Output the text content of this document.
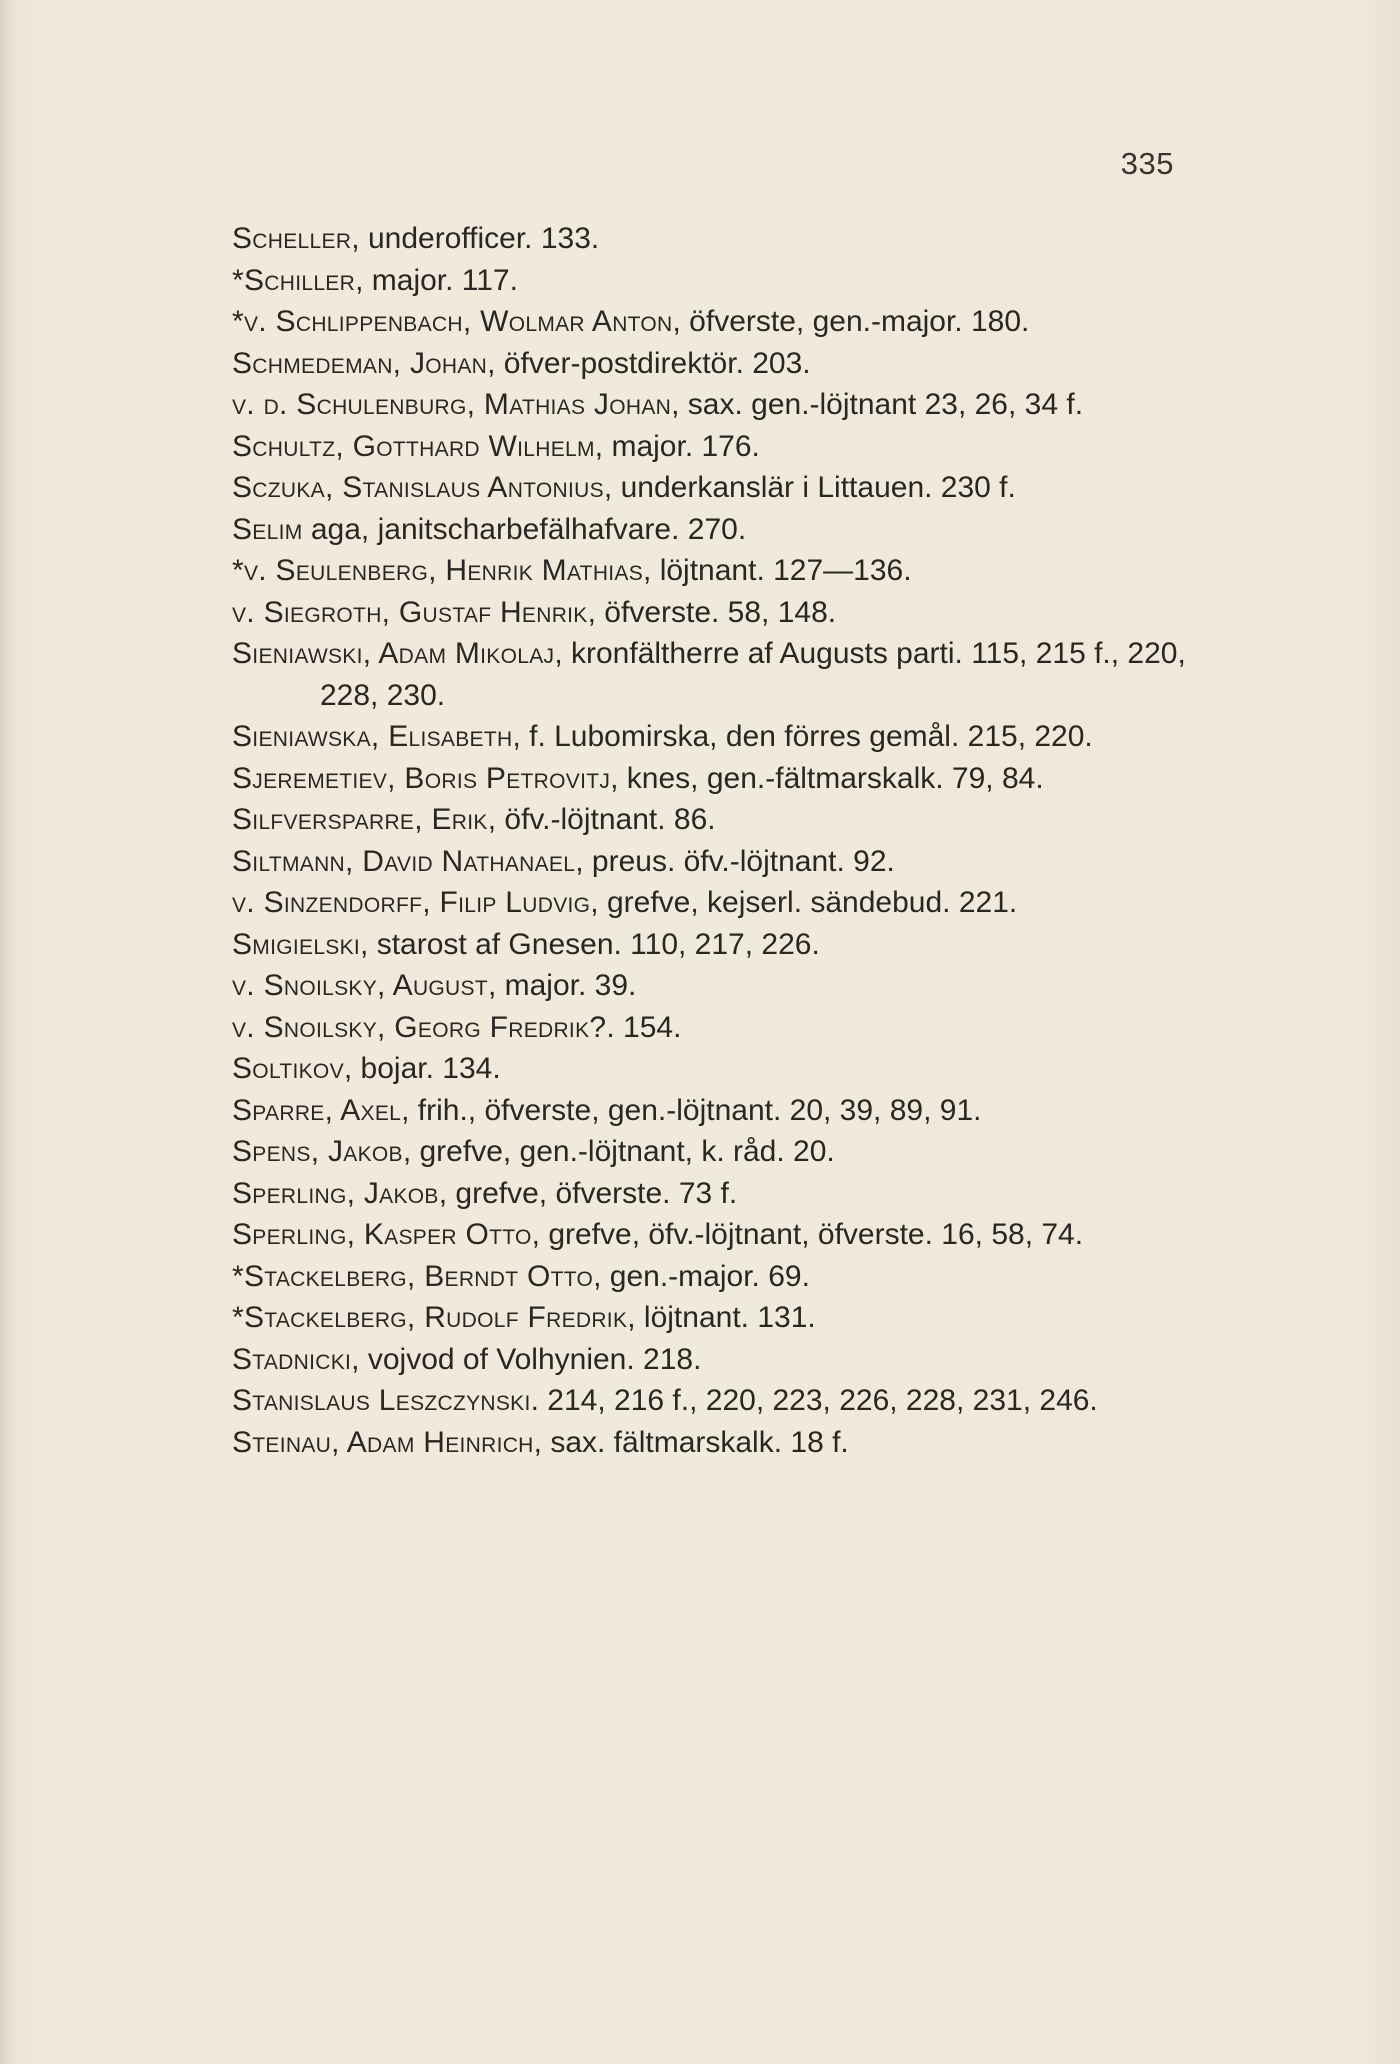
335
Scheller, underofficer. 133.
*Schiller, major. 117.
*v. Schlippenbach, Wolmar Anton, öfverste, gen.-major. 180.
Schmedeman, Johan, öfver-postdirektör. 203.
v. d. Schulenburg, Mathias Johan, sax. gen.-löjtnant 23, 26, 34 f.
Schultz, Gotthard Wilhelm, major. 176.
Sczuka, Stanislaus Antonius, underkanslär i Littauen. 230 f.
Selim aga, janitscharbefälhafvare. 270.
*v. Seulenberg, Henrik Mathias, löjtnant. 127—136.
v. Siegroth, Gustaf Henrik, öfverste. 58, 148.
Sieniawski, Adam Mikolaj, kronfältherre af Augusts parti. 115, 215 f., 220, 228, 230.
Sieniawska, Elisabeth, f. Lubomirska, den förres gemål. 215, 220.
Sjeremetiev, Boris Petrovitj, knes, gen.-fältmarskalk. 79, 84.
Silfversparre, Erik, öfv.-löjtnant. 86.
Siltmann, David Nathanael, preus. öfv.-löjtnant. 92.
v. Sinzendorff, Filip Ludvig, grefve, kejserl. sändebud. 221.
Smigielski, starost af Gnesen. 110, 217, 226.
v. Snoilsky, August, major. 39.
v. Snoilsky, Georg Fredrik?. 154.
Soltikov, bojar. 134.
Sparre, Axel, frih., öfverste, gen.-löjtnant. 20, 39, 89, 91.
Spens, Jakob, grefve, gen.-löjtnant, k. råd. 20.
Sperling, Jakob, grefve, öfverste. 73 f.
Sperling, Kasper Otto, grefve, öfv.-löjtnant, öfverste. 16, 58, 74.
*Stackelberg, Berndt Otto, gen.-major. 69.
*Stackelberg, Rudolf Fredrik, löjtnant. 131.
Stadnicki, vojvod of Volhynien. 218.
Stanislaus Leszczynski. 214, 216 f., 220, 223, 226, 228, 231, 246.
Steinau, Adam Heinrich, sax. fältmarskalk. 18 f.
